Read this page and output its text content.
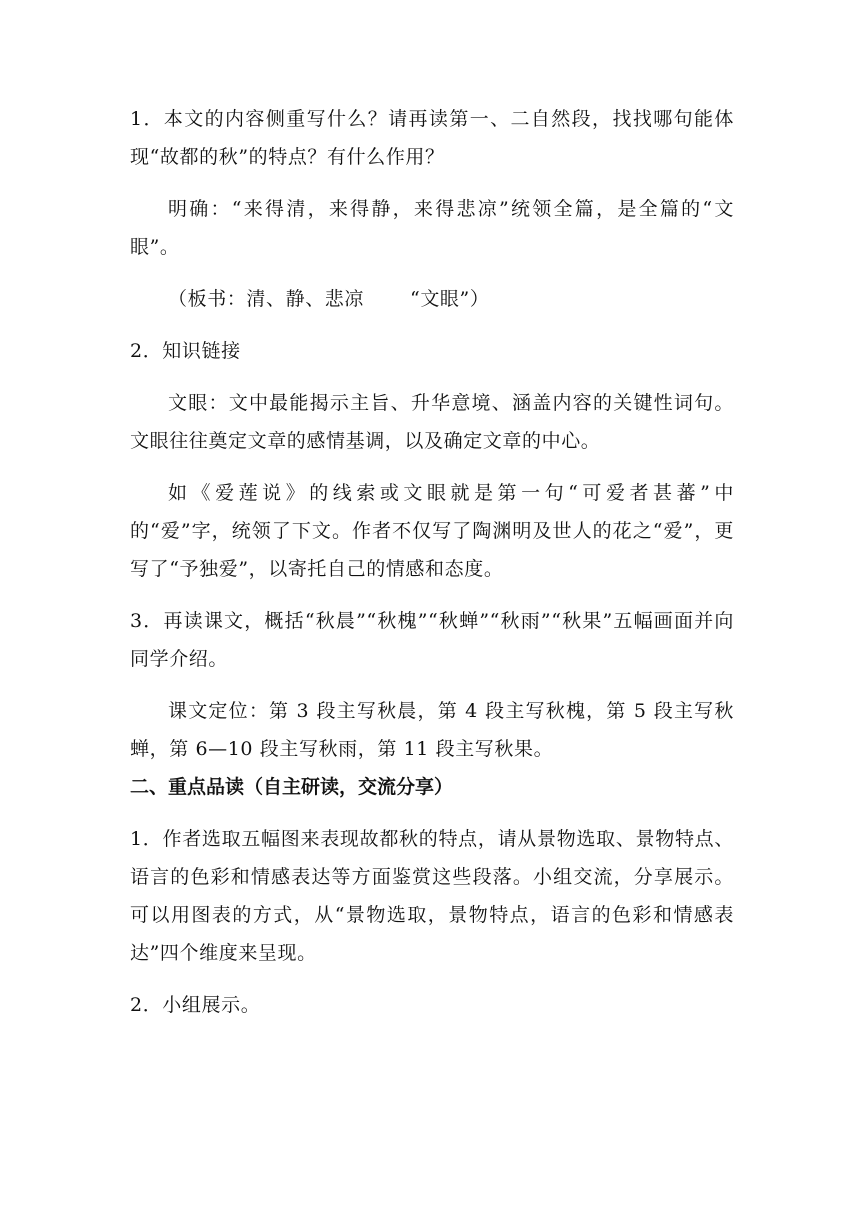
1．本文的内容侧重写什么？请再读第一、二自然段，找找哪句能体现“故都的秋”的特点？有什么作用？

明确：“来得清，来得静，来得悲凉”统领全篇，是全篇的“文眼”。

（板书：清、静、悲凉 “文眼”）

2．知识链接

文眼：文中最能揭示主旨、升华意境、涵盖内容的关键性词句。文眼往往奠定文章的感情基调，以及确定文章的中心。

如《爱莲说》的线索或文眼就是第一句“可爱者甚蕃”中的“爱”字，统领了下文。作者不仅写了陶渊明及世人的花之“爱”，更写了“予独爱”，以寄托自己的情感和态度。

3．再读课文，概括“秋晨”“秋槐”“秋蝉”“秋雨”“秋果”五幅画面并向同学介绍。

课文定位：第 3 段主写秋晨，第 4 段主写秋槐，第 5 段主写秋蝉，第 6—10 段主写秋雨，第 11 段主写秋果。

二、重点品读（自主研读，交流分享）

1．作者选取五幅图来表现故都秋的特点，请从景物选取、景物特点、语言的色彩和情感表达等方面鉴赏这些段落。小组交流，分享展示。可以用图表的方式，从“景物选取，景物特点，语言的色彩和情感表达”四个维度来呈现。

2．小组展示。
